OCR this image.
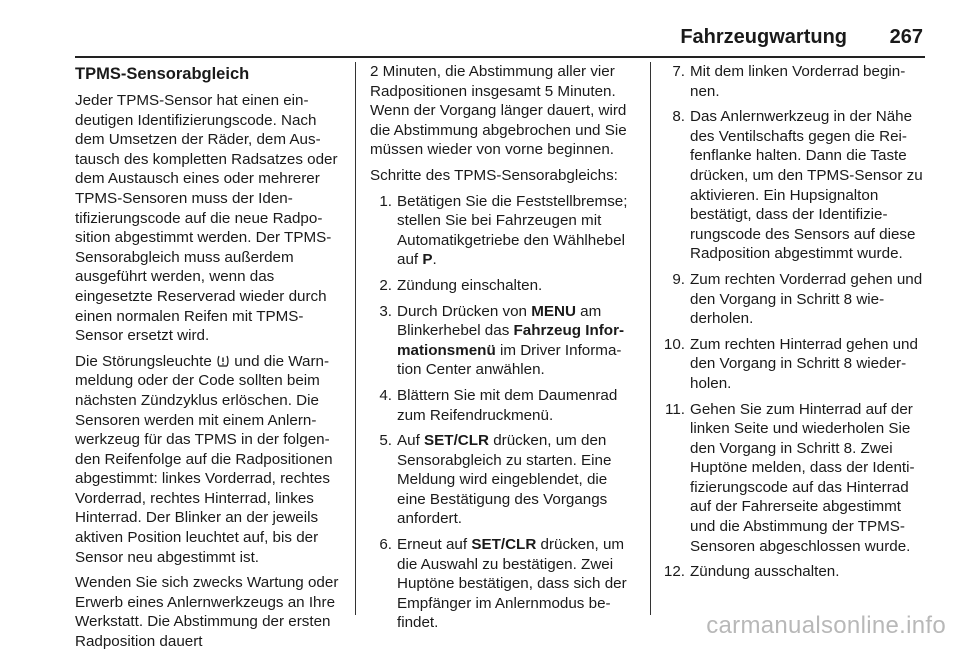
Fahrzeugwartung 267
TPMS-Sensorabgleich

Jeder TPMS-Sensor hat einen eindeutigen Identifizierungscode. Nach dem Umsetzen der Räder, dem Austausch des kompletten Radsatzes oder dem Austausch eines oder mehrerer TPMS-Sensoren muss der Identifizierungscode auf die neue Radposition abgestimmt werden. Der TPMS-Sensorabgleich muss außerdem ausgeführt werden, wenn das eingesetzte Reserverad wieder durch einen normalen Reifen mit TPMS-Sensor ersetzt wird.

Die Störungsleuchte  und die Warnmeldung oder der Code sollten beim nächsten Zündzyklus erlöschen. Die Sensoren werden mit einem Anlernwerkzeug für das TPMS in der folgenden Reifenfolge auf die Radpositionen abgestimmt: linkes Vorderrad, rechtes Vorderrad, rechtes Hinterrad, linkes Hinterrad. Der Blinker an der jeweils aktiven Position leuchtet auf, bis der Sensor neu abgestimmt ist.

Wenden Sie sich zwecks Wartung oder Erwerb eines Anlernwerkzeugs an Ihre Werkstatt. Die Abstimmung der ersten Radposition dauert

2 Minuten, die Abstimmung aller vier Radpositionen insgesamt 5 Minuten. Wenn der Vorgang länger dauert, wird die Abstimmung abgebrochen und Sie müssen wieder von vorne beginnen.

Schritte des TPMS-Sensorabgleichs:

1. Betätigen Sie die Feststellbremse; stellen Sie bei Fahrzeugen mit Automatikgetriebe den Wählhebel auf P.
2. Zündung einschalten.
3. Durch Drücken von MENU am Blinkerhebel das Fahrzeug Informationsmenü im Driver Information Center anwählen.
4. Blättern Sie mit dem Daumenrad zum Reifendruckmenü.
5. Auf SET/CLR drücken, um den Sensorabgleich zu starten. Eine Meldung wird eingeblendet, die eine Bestätigung des Vorgangs anfordert.
6. Erneut auf SET/CLR drücken, um die Auswahl zu bestätigen. Zwei Huptöne bestätigen, dass sich der Empfänger im Anlernmodus befindet.
7. Mit dem linken Vorderrad beginnen.
8. Das Anlernwerkzeug in der Nähe des Ventilschafts gegen die Reifenflanke halten. Dann die Taste drücken, um den TPMS-Sensor zu aktivieren. Ein Hupsignalton bestätigt, dass der Identifizierungscode des Sensors auf diese Radposition abgestimmt wurde.
9. Zum rechten Vorderrad gehen und den Vorgang in Schritt 8 wiederholen.
10. Zum rechten Hinterrad gehen und den Vorgang in Schritt 8 wiederholen.
11. Gehen Sie zum Hinterrad auf der linken Seite und wiederholen Sie den Vorgang in Schritt 8. Zwei Huptöne melden, dass der Identifizierungscode auf das Hinterrad auf der Fahrerseite abgestimmt und die Abstimmung der TPMS-Sensoren abgeschlossen wurde.
12. Zündung ausschalten.
carmanualsonline.info
